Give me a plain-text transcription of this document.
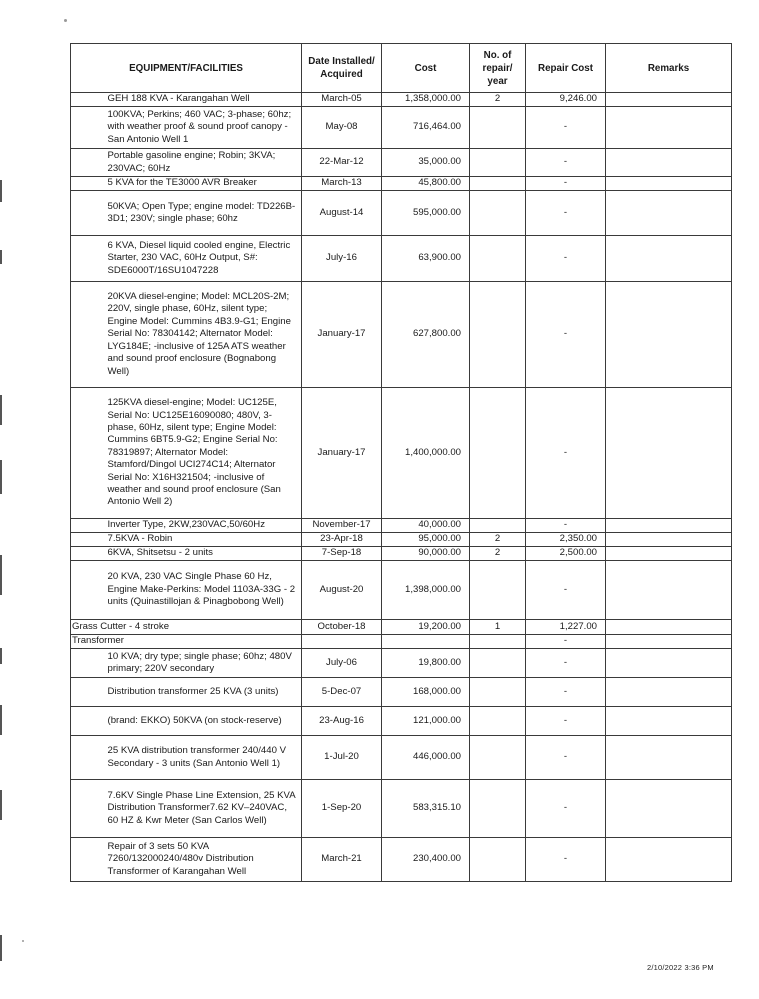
EQUIPMENT/FACILITIES		Date Installed/ Acquired	Cost	No. of repair/ year	Repair Cost	Remarks
	GEH 188 KVA - Karangahan Well	March-05	1,358,000.00	2	9,246.00	
	100KVA; Perkins; 460 VAC; 3-phase; 60hz; with weather proof & sound proof canopy - San Antonio Well 1	May-08	716,464.00		-	
	Portable gasoline engine; Robin; 3KVA; 230VAC; 60Hz	22-Mar-12	35,000.00		-	
	5 KVA for the TE3000 AVR Breaker	March-13	45,800.00		-	
	50KVA; Open Type; engine model: TD226B-3D1; 230V; single phase; 60hz	August-14	595,000.00		-	
	6 KVA, Diesel liquid cooled engine, Electric Starter, 230 VAC, 60Hz Output, S#: SDE6000T/16SU1047228	July-16	63,900.00		-	
	20KVA diesel-engine; Model: MCL20S-2M; 220V, single phase, 60Hz, silent type; Engine Model: Cummins 4B3.9-G1; Engine Serial No: 78304142; Alternator Model: LYG184E; -inclusive of 125A ATS weather and sound proof enclosure (Bognabong Well)	January-17	627,800.00		-	
	125KVA diesel-engine; Model: UC125E, Serial No: UC125E16090080; 480V, 3-phase, 60Hz, silent type; Engine Model: Cummins 6BT5.9-G2; Engine Serial No: 78319897; Alternator Model: Stamford/Dingol UCI274C14; Alternator Serial No: X16H321504; -inclusive of weather and sound proof enclosure (San Antonio Well 2)	January-17	1,400,000.00		-	
	Inverter Type, 2KW,230VAC,50/60Hz	November-17	40,000.00		-	
	7.5KVA - Robin	23-Apr-18	95,000.00	2	2,350.00	
	6KVA, Shitsetsu - 2 units	7-Sep-18	90,000.00	2	2,500.00	
	20 KVA, 230 VAC Single Phase 60 Hz, Engine Make-Perkins: Model 1103A-33G - 2 units (Quinastillojan & Pinagbobong Well)	August-20	1,398,000.00		-	
Grass Cutter - 4 stroke		October-18	19,200.00	1	1,227.00	
Transformer					-	
	10 KVA; dry type; single phase; 60hz; 480V primary; 220V secondary	July-06	19,800.00		-	
	Distribution transformer 25 KVA (3 units)	5-Dec-07	168,000.00		-	
	(brand: EKKO) 50KVA (on stock-reserve)	23-Aug-16	121,000.00		-	
	25 KVA distribution transformer 240/440 V Secondary - 3 units (San Antonio Well 1)	1-Jul-20	446,000.00		-	
	7.6KV Single Phase Line Extension, 25 KVA Distribution Transformer7.62 KV–240VAC, 60 HZ & Kwr Meter (San Carlos Well)	1-Sep-20	583,315.10		-	
	Repair of 3 sets 50 KVA 7260/132000240/480v Distribution Transformer of Karangahan Well	March-21	230,400.00		-	
2/10/2022 3:36 PM
